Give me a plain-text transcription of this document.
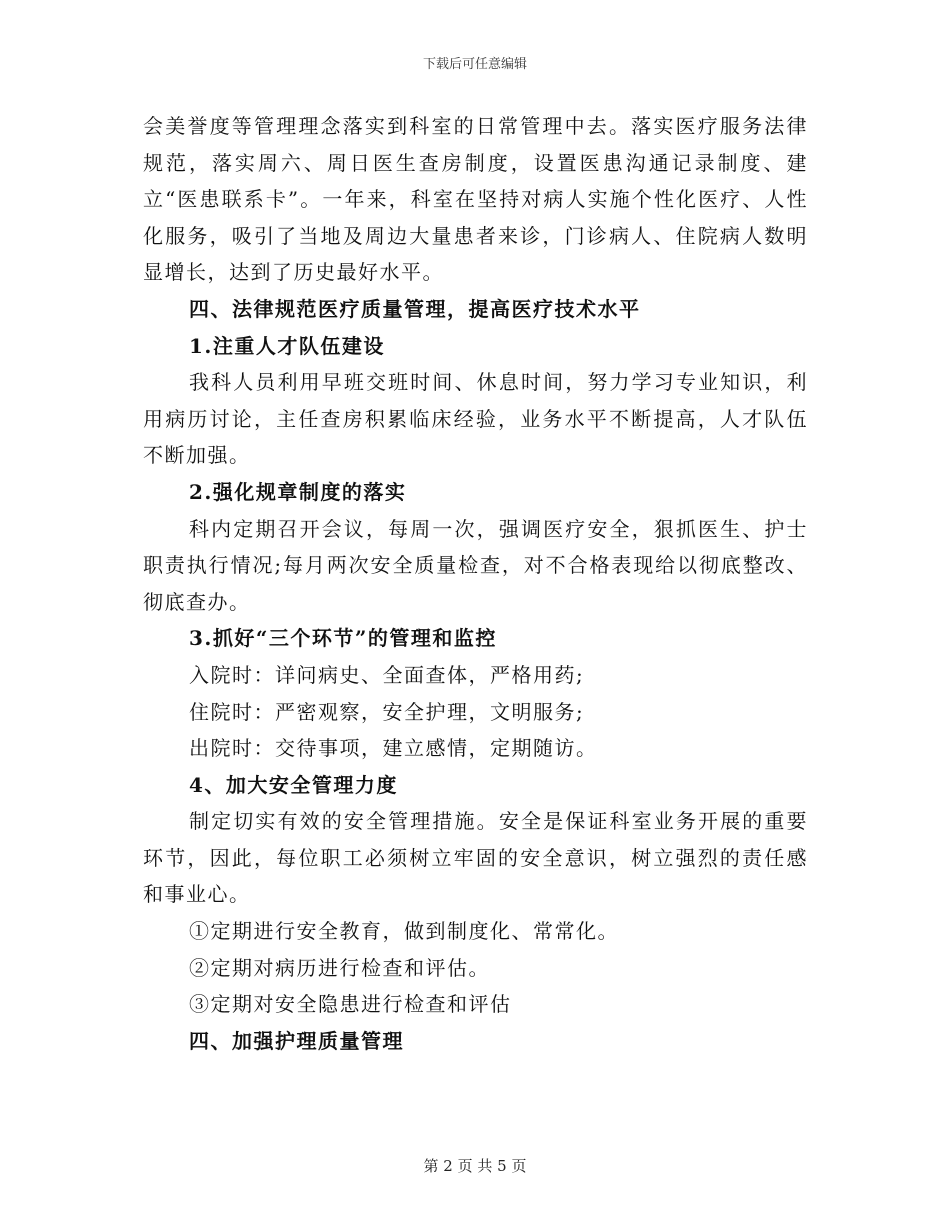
下载后可任意编辑

会美誉度等管理理念落实到科室的日常管理中去。落实医疗服务法律规范，落实周六、周日医生查房制度，设置医患沟通记录制度、建立“医患联系卡”。一年来，科室在坚持对病人实施个性化医疗、人性化服务，吸引了当地及周边大量患者来诊，门诊病人、住院病人数明显增长，达到了历史最好水平。

四、法律规范医疗质量管理，提高医疗技术水平

1.注重人才队伍建设

我科人员利用早班交班时间、休息时间，努力学习专业知识，利用病历讨论，主任查房积累临床经验，业务水平不断提高，人才队伍不断加强。

2.强化规章制度的落实

科内定期召开会议，每周一次，强调医疗安全，狠抓医生、护士职责执行情况;每月两次安全质量检查，对不合格表现给以彻底整改、彻底查办。

3.抓好“三个环节”的管理和监控

入院时：详问病史、全面查体，严格用药;

住院时：严密观察，安全护理，文明服务;

出院时：交待事项，建立感情，定期随访。

4、加大安全管理力度

制定切实有效的安全管理措施。安全是保证科室业务开展的重要环节，因此，每位职工必须树立牢固的安全意识，树立强烈的责任感和事业心。

①定期进行安全教育，做到制度化、常常化。

②定期对病历进行检查和评估。

③定期对安全隐患进行检查和评估

四、加强护理质量管理

第 2 页 共 5 页
